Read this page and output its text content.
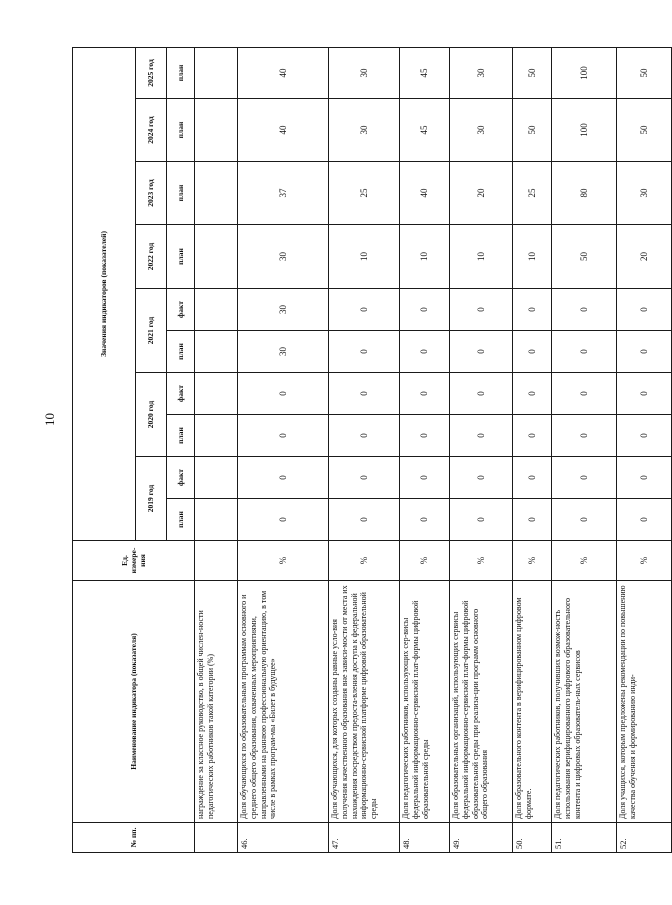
10
№ пп.	Наименование индикатора (показателя)	Ед. измере-ния	Значения индикаторов (показателей)									
			2019 год		2020 год		2021 год		2022 год	2023 год	2024 год	2025 год
			план	факт	план	факт	план	факт	план	план	план	план
	награждение за классное руководство, в общей числен-ности педагогических работников такой категории (%)											
46.	Доля обучающихся по образовательным программам основного и среднего общего образования, охваченных мероприятиями, направленными на раннюю профессиональную ориентацию, в том числе в рамках програм-мы «Билет в будущее»	%	0	0	0	0	30	30	30	37	40	40
47.	Доля обучающихся, для которых созданы равные усло-вия получения качественного образования вне зависи-мости от места их нахождения посредством предоста-вления доступа к федеральной информационно-сервисной платформе цифровой образовательной среды	%	0	0	0	0	0	0	10	25	30	30
48.	Доля педагогических работников, использующих сер-висы федеральной информационно-сервисной плат-формы цифровой образовательной среды	%	0	0	0	0	0	0	10	40	45	45
49.	Доля образовательных организаций, использующих сервисы федеральной информационно-сервисной плат-формы цифровой образовательной среды при реализа-ции программ основного общего образования	%	0	0	0	0	0	0	10	20	30	30
50.	Доля образовательного контента в верифицированном цифровом формате.	%	0	0	0	0	0	0	10	25	50	50
51.	Доля педагогических работников, получивших возмож-ность использования верифицированного цифрового образовательного контента и цифровых образователь-ных сервисов	%	0	0	0	0	0	0	50	80	100	100
52.	Доля учащихся, которым предложены рекомендации по повышению качества обучения и формированию инди-	%	0	0	0	0	0	0	20	30	50	50
